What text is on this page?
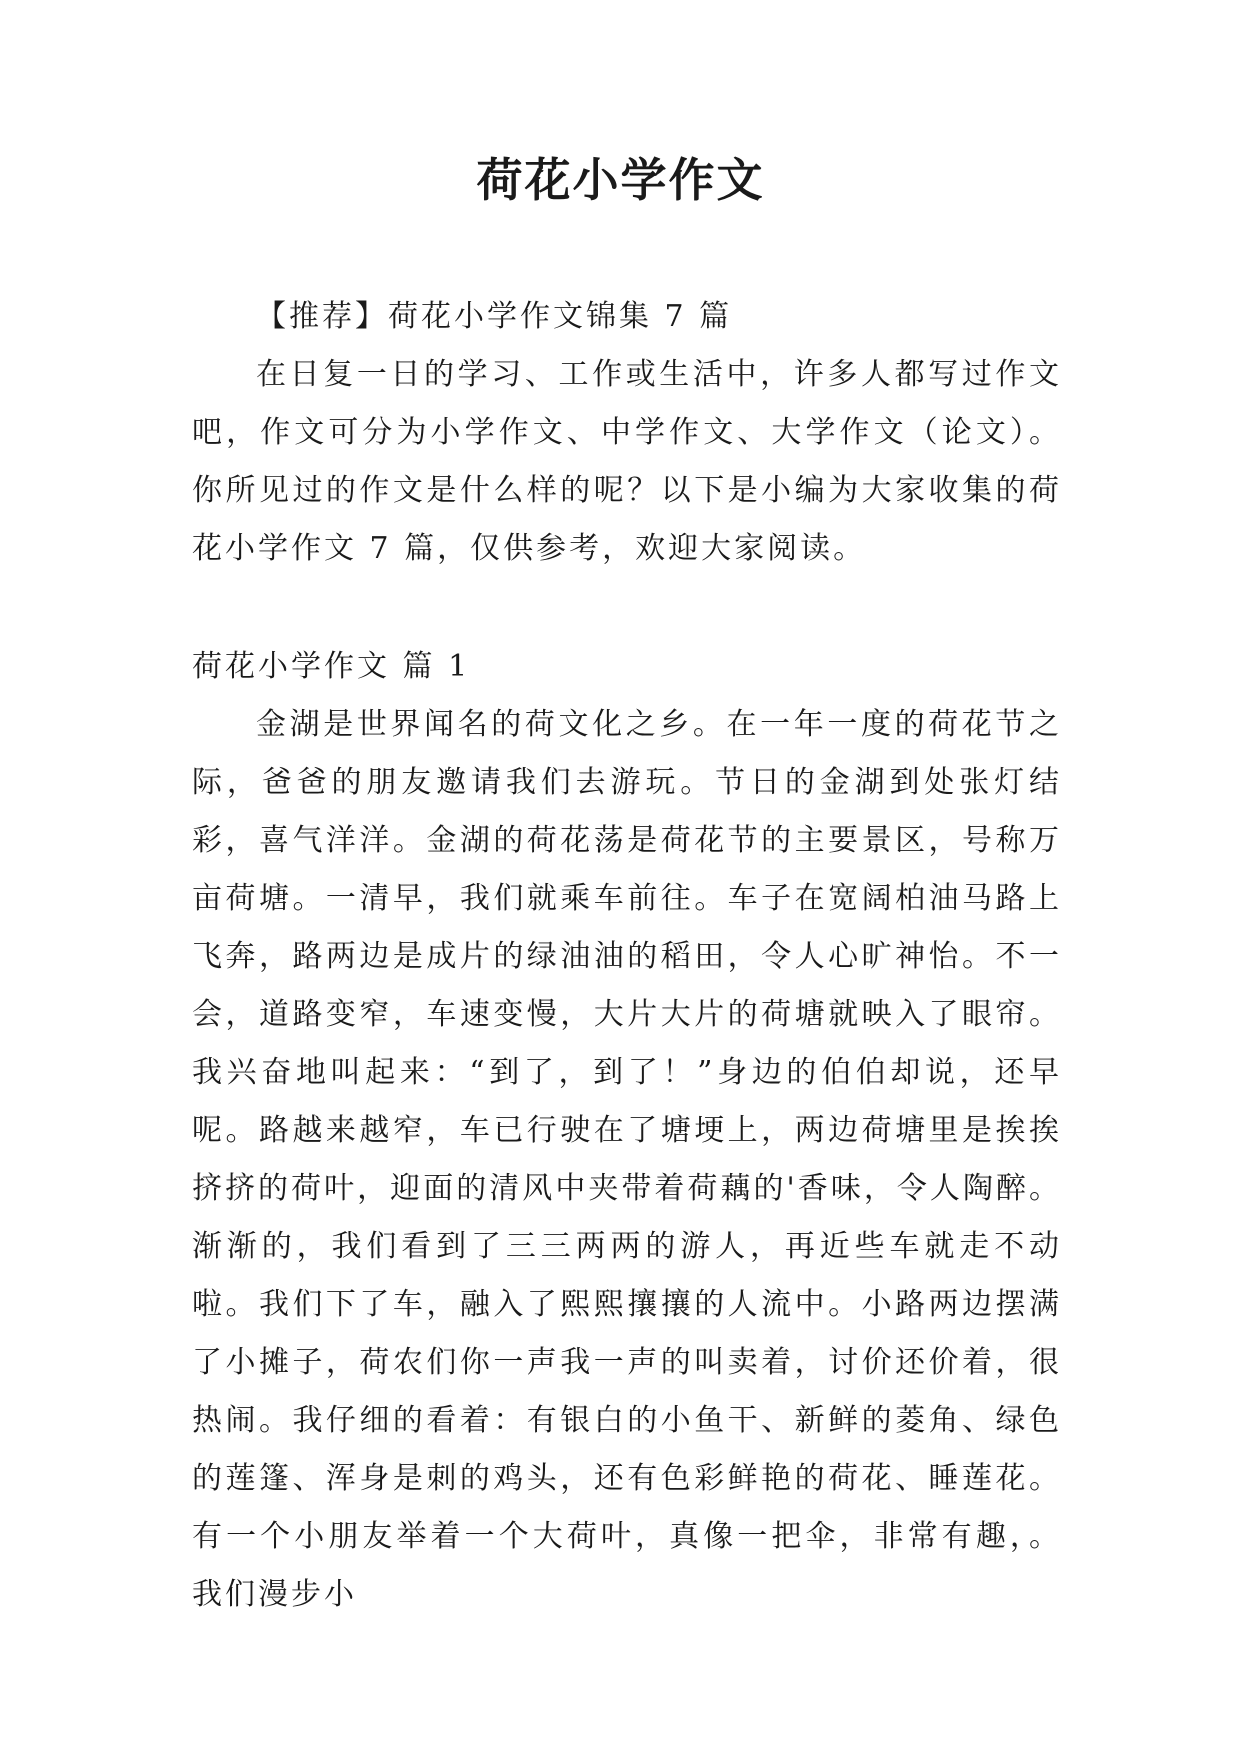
荷花小学作文

【推荐】荷花小学作文锦集 7 篇

在日复一日的学习、工作或生活中，许多人都写过作文吧，作文可分为小学作文、中学作文、大学作文（论文）。你所见过的作文是什么样的呢？以下是小编为大家收集的荷花小学作文 7 篇，仅供参考，欢迎大家阅读。

荷花小学作文 篇 1

金湖是世界闻名的荷文化之乡。在一年一度的荷花节之际，爸爸的朋友邀请我们去游玩。节日的金湖到处张灯结彩，喜气洋洋。金湖的荷花荡是荷花节的主要景区，号称万亩荷塘。一清早，我们就乘车前往。车子在宽阔柏油马路上飞奔，路两边是成片的绿油油的稻田，令人心旷神怡。不一会，道路变窄，车速变慢，大片大片的荷塘就映入了眼帘。我兴奋地叫起来：“到了，到了！”身边的伯伯却说，还早呢。路越来越窄，车已行驶在了塘埂上，两边荷塘里是挨挨挤挤的荷叶，迎面的清风中夹带着荷藕的'香味，令人陶醉。渐渐的，我们看到了三三两两的游人，再近些车就走不动啦。我们下了车，融入了熙熙攘攘的人流中。小路两边摆满了小摊子，荷农们你一声我一声的叫卖着，讨价还价着，很热闹。我仔细的看着：有银白的小鱼干、新鲜的菱角、绿色的莲篷、浑身是刺的鸡头，还有色彩鲜艳的荷花、睡莲花。有一个小朋友举着一个大荷叶，真像一把伞，非常有趣，。我们漫步小
